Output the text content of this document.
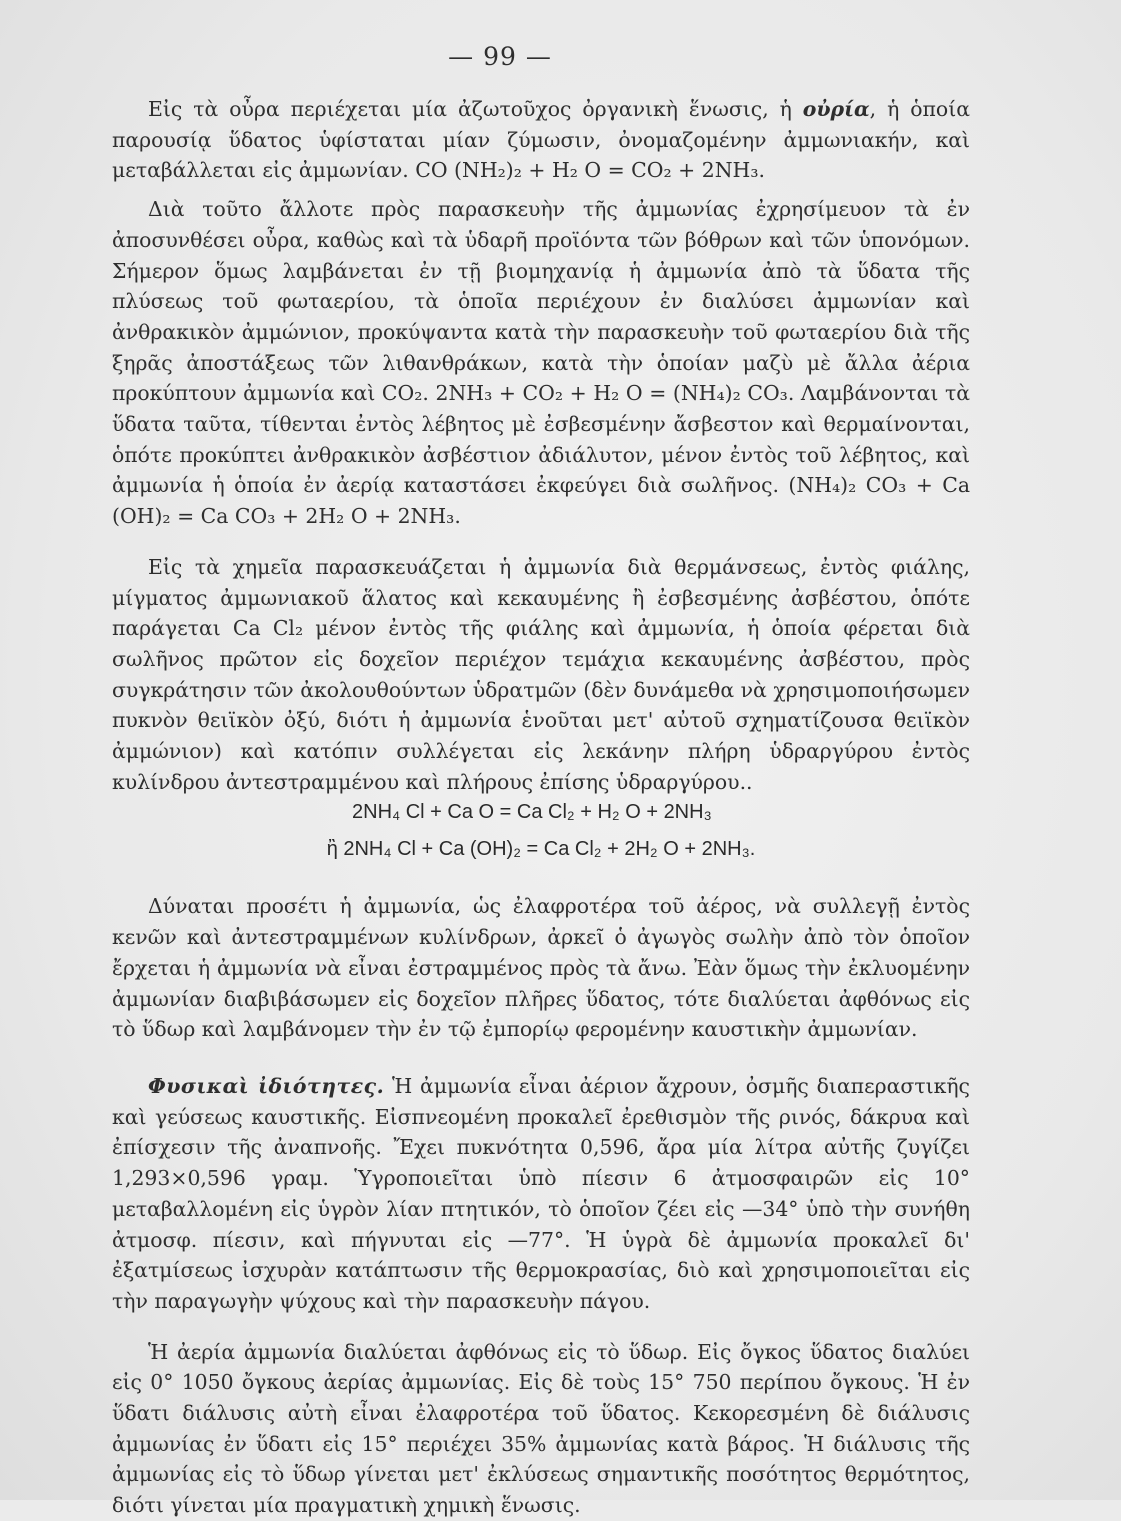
— 99 —

Εἰς τὰ οὖρα περιέχεται μία ἀζωτοῦχος ὀργανικὴ ἕνωσις, ἡ οὐρία, ἡ ὁποία παρουσίᾳ ὕδατος ὑφίσταται μίαν ζύμωσιν, ὀνομαζομένην ἀμμωνιακήν, καὶ μεταβάλλεται εἰς ἀμμωνίαν. CO (NH₂)₂ + H₂ O = CO₂ + 2NH₃.

Διὰ τοῦτο ἄλλοτε πρὸς παρασκευὴν τῆς ἀμμωνίας ἐχρησίμευον τὰ ἐν ἀποσυνθέσει οὖρα, καθὼς καὶ τὰ ὑδαρῆ προϊόντα τῶν βόθρων καὶ τῶν ὑπονόμων. Σήμερον ὅμως λαμβάνεται ἐν τῇ βιομηχανίᾳ ἡ ἀμμωνία ἀπὸ τὰ ὕδατα τῆς πλύσεως τοῦ φωταερίου, τὰ ὁποῖα περιέχουν ἐν διαλύσει ἀμμωνίαν καὶ ἀνθρακικὸν ἀμμώνιον, προκύψαντα κατὰ τὴν παρασκευὴν τοῦ φωταερίου διὰ τῆς ξηρᾶς ἀποστάξεως τῶν λιθανθράκων, κατὰ τὴν ὁποίαν μαζὺ μὲ ἄλλα ἀέρια προκύπτουν ἀμμωνία καὶ CO₂. 2NH₃ + CO₂ + H₂ O = (NH₄)₂ CO₃. Λαμβάνονται τὰ ὕδατα ταῦτα, τίθενται ἐντὸς λέβητος μὲ ἐσβεσμένην ἄσβεστον καὶ θερμαίνονται, ὁπότε προκύπτει ἀνθρακικὸν ἀσβέστιον ἀδιάλυτον, μένον ἐντὸς τοῦ λέβητος, καὶ ἀμμωνία ἡ ὁποία ἐν ἀερίᾳ καταστάσει ἐκφεύγει διὰ σωλῆνος. (NH₄)₂ CO₃ + Ca (OH)₂ = Ca CO₃ + 2H₂ O + 2NH₃.

Εἰς τὰ χημεῖα παρασκευάζεται ἡ ἀμμωνία διὰ θερμάνσεως, ἐντὸς φιάλης, μίγματος ἀμμωνιακοῦ ἅλατος καὶ κεκαυμένης ἢ ἐσβεσμένης ἀσβέστου, ὁπότε παράγεται Ca Cl₂ μένον ἐντὸς τῆς φιάλης καὶ ἀμμωνία, ἡ ὁποία φέρεται διὰ σωλῆνος πρῶτον εἰς δοχεῖον περιέχον τεμάχια κεκαυμένης ἀσβέστου, πρὸς συγκράτησιν τῶν ἀκολουθούντων ὑδρατμῶν (δὲν δυνάμεθα νὰ χρησιμοποιήσωμεν πυκνὸν θειϊκὸν ὀξύ, διότι ἡ ἀμμωνία ἑνοῦται μετ' αὐτοῦ σχηματίζουσα θειϊκὸν ἀμμώνιον) καὶ κατόπιν συλλέγεται εἰς λεκάνην πλήρη ὑδραργύρου ἐντὸς κυλίνδρου ἀντεστραμμένου καὶ πλήρους ἐπίσης ὑδραργύρου..

2NH₄ Cl + Ca O = Ca Cl₂ + H₂ O + 2NH₃
ἢ 2NH₄ Cl + Ca (OH)₂ = Ca Cl₂ + 2H₂ O + 2NH₃.

Δύναται προσέτι ἡ ἀμμωνία, ὡς ἐλαφροτέρα τοῦ ἀέρος, νὰ συλλεγῇ ἐντὸς κενῶν καὶ ἀντεστραμμένων κυλίνδρων, ἀρκεῖ ὁ ἀγωγὸς σωλὴν ἀπὸ τὸν ὁποῖον ἔρχεται ἡ ἀμμωνία νὰ εἶναι ἐστραμμένος πρὸς τὰ ἄνω. Ἐὰν ὅμως τὴν ἐκλυομένην ἀμμωνίαν διαβιβάσωμεν εἰς δοχεῖον πλῆρες ὕδατος, τότε διαλύεται ἀφθόνως εἰς τὸ ὕδωρ καὶ λαμβάνομεν τὴν ἐν τῷ ἐμπορίῳ φερομένην καυστικὴν ἀμμωνίαν.

Φυσικαὶ ἰδιότητες. Ἡ ἀμμωνία εἶναι ἀέριον ἄχρουν, ὀσμῆς διαπεραστικῆς καὶ γεύσεως καυστικῆς. Εἰσπνεομένη προκαλεῖ ἐρεθισμὸν τῆς ρινός, δάκρυα καὶ ἐπίσχεσιν τῆς ἀναπνοῆς. Ἔχει πυκνότητα 0,596, ἄρα μία λίτρα αὐτῆς ζυγίζει 1,293×0,596 γραμ. Ὑγροποιεῖται ὑπὸ πίεσιν 6 ἀτμοσφαιρῶν εἰς 10° μεταβαλλομένη εἰς ὑγρὸν λίαν πτητικόν, τὸ ὁποῖον ζέει εἰς —34° ὑπὸ τὴν συνήθη ἀτμοσφ. πίεσιν, καὶ πήγνυται εἰς —77°. Ἡ ὑγρὰ δὲ ἀμμωνία προκαλεῖ δι' ἐξατμίσεως ἰσχυρὰν κατάπτωσιν τῆς θερμοκρασίας, διὸ καὶ χρησιμοποιεῖται εἰς τὴν παραγωγὴν ψύχους καὶ τὴν παρασκευὴν πάγου.

Ἡ ἀερία ἀμμωνία διαλύεται ἀφθόνως εἰς τὸ ὕδωρ. Εἰς ὄγκος ὕδατος διαλύει εἰς 0° 1050 ὄγκους ἀερίας ἀμμωνίας. Εἰς δὲ τοὺς 15° 750 περίπου ὄγκους. Ἡ ἐν ὕδατι διάλυσις αὐτὴ εἶναι ἐλαφροτέρα τοῦ ὕδατος. Κεκορεσμένη δὲ διάλυσις ἀμμωνίας ἐν ὕδατι εἰς 15° περιέχει 35% ἀμμωνίας κατὰ βάρος. Ἡ διάλυσις τῆς ἀμμωνίας εἰς τὸ ὕδωρ γίνεται μετ' ἐκλύσεως σημαντικῆς ποσότητος θερμότητος, διότι γίνεται μία πραγματικὴ χημικὴ ἕνωσις.
